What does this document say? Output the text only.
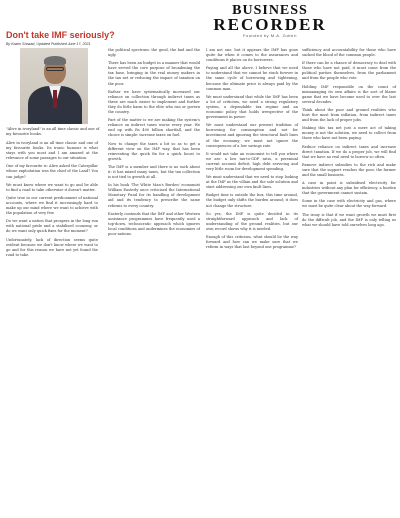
BUSINESS
RECORDER
Founded by M.A. Zuberi
Don't take IMF seriously?
By Kazim Shazad, Updated Published June 17, 2021
"Alive in ivoryland" is an all time classic and one of my favourite books.

Alive in ivoryland is an all time classic and one of my favourite books. Its ironic humour is what stays with you most and I am amazed at the relevance of some passages to our situation.

One of my favourite is: Alive asked the Caterpillar whose exploitation was the chief of the Land? You can judge?

We must know where we want to go and be able to find a road to take otherwise it doesn't matter.

Quite true in our current predicament of national accounts, where we find it increasingly hard to make up our mind where we want to achieve with the population of very few.

Do we want a nation that prospers in the long run with national pride and a stabilised economy, or do we want only quick fixes for the moment?

Unfortunately, lack of direction seems quite evident because we don't know where we want to go and for this reason we have not yet found the road to take.

the political spectrum: the good, the bad and the ugly.

There has been an budget in a manner that would have served the core purpose of broadening the tax base, bringing in the real money makers in the tax net or reducing the impact of taxation on the poor.

Rather we have systematically increased our reliance on collection through indirect taxes as these are much easier to implement and further they do little harm to the elite who run or govern the country.

Part of the matter is we are making the system's reliance on indirect taxes worse every year. We end up with Rs 400 billion shortfall, and the choice is simple: increase taxes on fuel.

Now to change the taxes a bit so as to get a different view on the IMF way, that has been reinventing the quick fix for a quick boost to growth.

The IMF is a member and there is no such about it: it has mixed many taxes, but the tax collection is not tied to growth at all.

In his book 'The White Man's Burden' economist William Easterly once criticised the International Monetary Fund for its handling of development aid and its tendency to prescribe the same reforms to every country.

Easterly contends that the IMF and other Western assistance programmes have frequently used a top-down, technocratic approach which ignores local conditions and undermines the economies of poor nations.

I am not one, but it appears the IMF has gone quite far when it comes to the assurances and conditions it places on its borrowers.

Paying and all the above, I believe that we need to understand that we cannot be stuck forever in the same cycle of borrowing and tightening, because the ultimate price is always paid by the common man.

We must understand that while the IMF has been a lot of criticism, we need a strong regulatory system, a dependable tax regime and an economic policy that holds irrespective of the government in power.

We must understand our present tradition of borrowing for consumption and not for investment and ignoring the structural fault lines of the economy; we must not ignore the consequences of a low savings rate.

It would not take an economist to tell you where we are: a low tax-to-GDP ratio, a perennial current account deficit, high debt servicing and very little room for development spending.

We must understand that we need to stop looking at the IMF as the villain and the sole solution and start addressing our own fault lines.

Budget time is outside the box, this time around, the budget only shifts the burden around; it does not change the structure.

So yes, the IMF is quite decided in its straightforward approach and lack of understanding of the ground realities, but our own record shows why it is needed.

Enough of this criticism, what should be the way forward and how can we make sure that we reform in ways that last beyond one programme?

sufficiency and accountability for those who have sucked the blood of the common people.

If there can be a chance of democracy to deal with those who have not paid, it must come from the political parties themselves, from the parliament and from the people who vote.

Holding IMF responsible on the count of mismanaging its own affairs is the sort of blame game that we have become used to over the last several decades.

Think about the poor and ground realities who hurt the most from inflation, from indirect taxes and from the lack of proper jobs.

Making this tax net just a mere act of taking money is not the solution, we need to collect from those who have not been paying.

Reduce reliance on indirect taxes and increase direct taxation. If we do a proper job, we will find that we have no real need to borrow so often.

Remove indirect subsidies to the rich and make sure that the support reaches the poor, the farmer and the small business.

A case in point is subsidised electricity for industries without any plan for efficiency, a burden that the government cannot sustain.

Some in the case with electricity and gas, where we must be quite clear about the way forward.

The irony is that if we want growth we must first do the difficult job, and the IMF is only telling us what we should have told ourselves long ago.
